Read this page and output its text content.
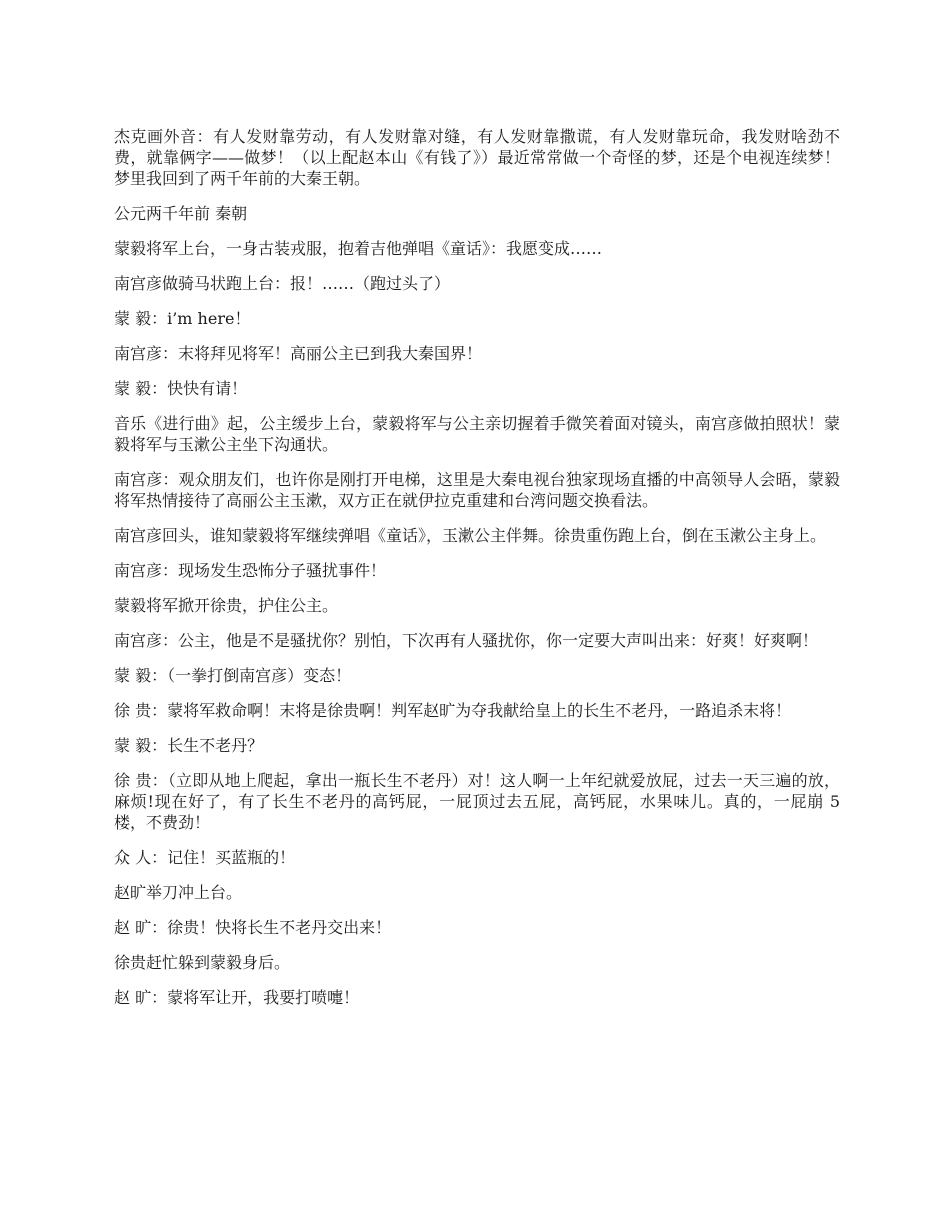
杰克画外音：有人发财靠劳动，有人发财靠对缝，有人发财靠撒谎，有人发财靠玩命，我发财啥劲不费，就靠俩字——做梦！（以上配赵本山《有钱了》）最近常常做一个奇怪的梦，还是个电视连续梦！梦里我回到了两千年前的大秦王朝。

公元两千年前 秦朝

蒙毅将军上台，一身古装戎服，抱着吉他弹唱《童话》：我愿变成……

南宫彦做骑马状跑上台：报！……（跑过头了）

蒙 毅：i’m here！

南宫彦：末将拜见将军！高丽公主已到我大秦国界！

蒙 毅：快快有请！

音乐《进行曲》起，公主缓步上台，蒙毅将军与公主亲切握着手微笑着面对镜头，南宫彦做拍照状！蒙毅将军与玉漱公主坐下沟通状。

南宫彦：观众朋友们，也许你是刚打开电梯，这里是大秦电视台独家现场直播的中高领导人会晤，蒙毅将军热情接待了高丽公主玉漱，双方正在就伊拉克重建和台湾问题交换看法。

南宫彦回头，谁知蒙毅将军继续弹唱《童话》，玉漱公主伴舞。徐贵重伤跑上台，倒在玉漱公主身上。

南宫彦：现场发生恐怖分子骚扰事件！

蒙毅将军掀开徐贵，护住公主。

南宫彦：公主，他是不是骚扰你？别怕，下次再有人骚扰你，你一定要大声叫出来：好爽！好爽啊！

蒙 毅：（一拳打倒南宫彦）变态！

徐 贵：蒙将军救命啊！末将是徐贵啊！判军赵旷为夺我献给皇上的长生不老丹，一路追杀末将！

蒙 毅：长生不老丹？

徐 贵：（立即从地上爬起，拿出一瓶长生不老丹）对！这人啊一上年纪就爱放屁，过去一天三遍的放，麻烦!现在好了，有了长生不老丹的高钙屁，一屁顶过去五屁，高钙屁，水果味儿。真的，一屁崩 5 楼，不费劲！

众 人：记住！买蓝瓶的！

赵旷举刀冲上台。

赵 旷：徐贵！快将长生不老丹交出来！

徐贵赶忙躲到蒙毅身后。

赵 旷：蒙将军让开，我要打喷嚏！
